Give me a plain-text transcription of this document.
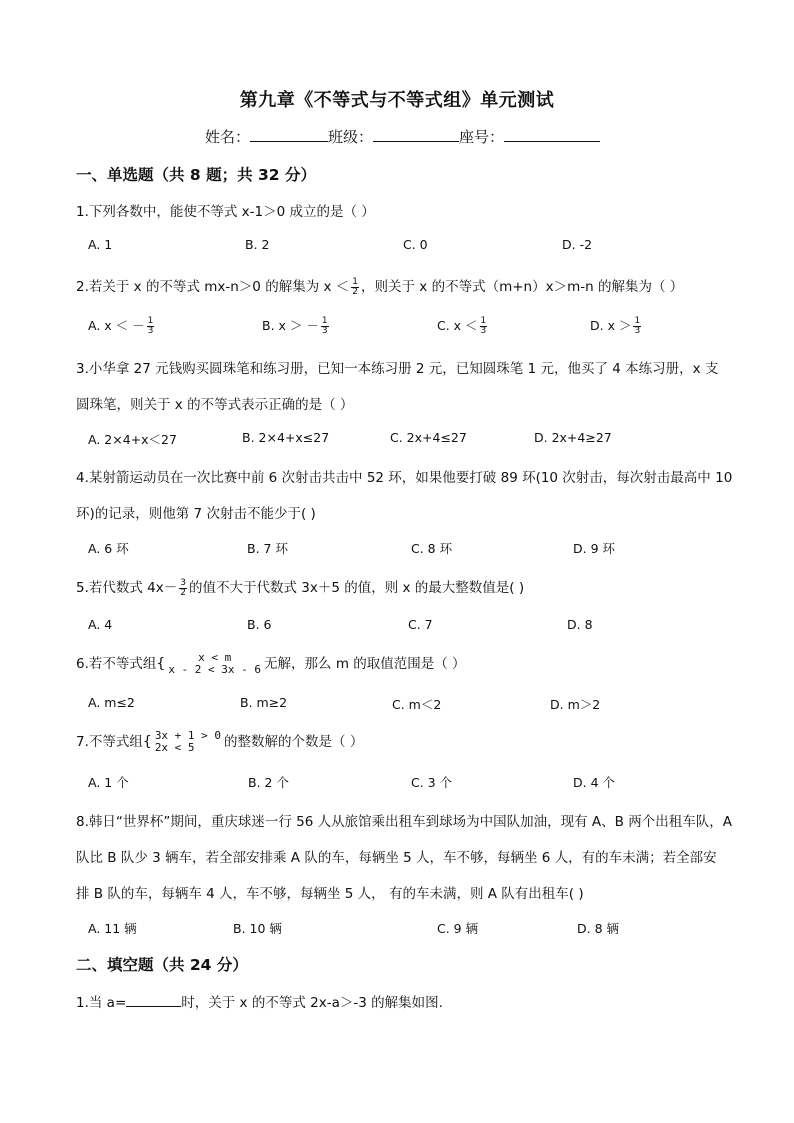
第九章《不等式与不等式组》单元测试
姓名：	班级：	座号：
一、单选题（共 8 题；共 32 分）
1.下列各数中，能使不等式 x-1＞0 成立的是（ ）
A. 1	B. 2	C. 0	D. -2
2.若关于 x 的不等式 mx-n＞0 的解集为 $x < \frac{1}{2}$ ，则关于 x 的不等式（m+n）x＞m-n 的解集为（ ）
A. x ＜ － $\frac{1}{3}$	B. x ＞ － $\frac{1}{3}$	C. $x < \frac{1}{3}$	D. $x > \frac{1}{3}$
3.小华拿 27 元钱购买圆珠笔和练习册，已知一本练习册 2 元，已知圆珠笔 1 元，他买了 4 本练习册，x 支
圆珠笔，则关于 x 的不等式表示正确的是（ ）
A. 2×4+x＜27	B. 2×4+x≤27	C. 2x+4≤27	D. 2x+4≥27
4.某射箭运动员在一次比赛中前 6 次射击共击中 52 环，如果他要打破 89 环(10 次射击，每次射击最高中 10
环)的记录，则他第 7 次射击不能少于( )
A. 6 环	B. 7 环	C. 8 环	D. 9 环
5.若代数式 $4x- \frac{3}{2}$ 的值不大于代数式 3x＋5 的值，则 x 的最大整数值是( )
A. 4	B. 6	C. 7	D. 8
6.若不等式组{	x < m
x - 2 < 3x - 6 无解，那么 m 的取值范围是（ ）
A. m≤2	B. m≥2	C. m＜2	D. m＞2
7.不等式组{ 3x + 1 > 0
2x < 5	的整数解的个数是（ ）
A. 1 个	B. 2 个	C. 3 个	D. 4 个
8.韩日“世界杯”期间，重庆球迷一行 56 人从旅馆乘出租车到球场为中国队加油，现有 A、B 两个出租车队，A
队比 B 队少 3 辆车，若全部安排乘 A 队的车，每辆坐 5 人，车不够，每辆坐 6 人，有的车未满；若全部安
排 B 队的车，每辆车 4 人，车不够，每辆坐 5 人， 有的车未满，则 A 队有出租车( )
A. 11 辆	B. 10 辆	C. 9 辆	D. 8 辆
二、填空题（共 24 分）
1.当 a=	时，关于 x 的不等式 2x-a＞-3 的解集如图.
